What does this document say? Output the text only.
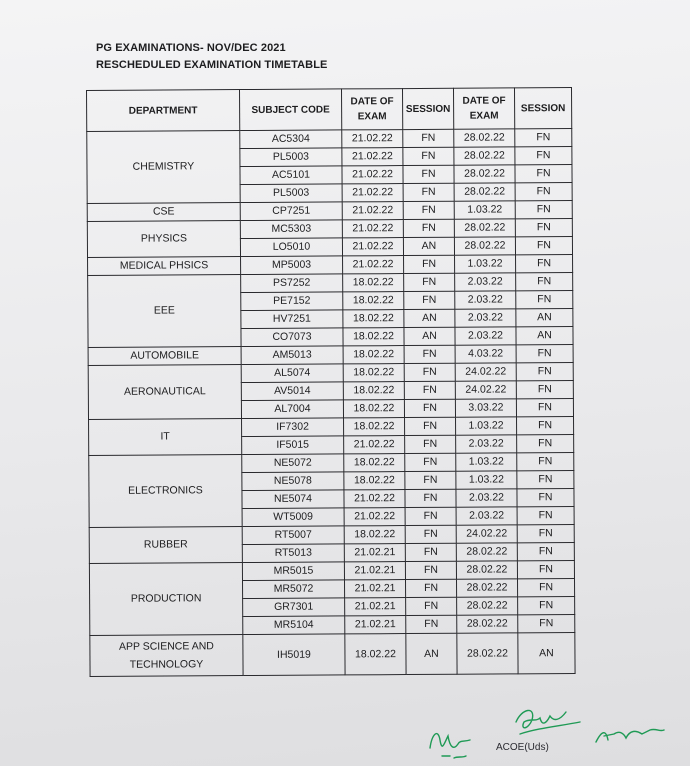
PG EXAMINATIONS- NOV/DEC 2021
RESCHEDULED EXAMINATION TIMETABLE
DEPARTMENT	SUBJECT CODE	DATE OF EXAM	SESSION	DATE OF EXAM	SESSION
CHEMISTRY	AC5304	21.02.22	FN	28.02.22	FN
	PL5003	21.02.22	FN	28.02.22	FN
	AC5101	21.02.22	FN	28.02.22	FN
	PL5003	21.02.22	FN	28.02.22	FN
CSE	CP7251	21.02.22	FN	1.03.22	FN
PHYSICS	MC5303	21.02.22	FN	28.02.22	FN
	LO5010	21.02.22	AN	28.02.22	FN
MEDICAL PHSICS	MP5003	21.02.22	FN	1.03.22	FN
EEE	PS7252	18.02.22	FN	2.03.22	FN
	PE7152	18.02.22	FN	2.03.22	FN
	HV7251	18.02.22	AN	2.03.22	AN
	CO7073	18.02.22	AN	2.03.22	AN
AUTOMOBILE	AM5013	18.02.22	FN	4.03.22	FN
AERONAUTICAL	AL5074	18.02.22	FN	24.02.22	FN
	AV5014	18.02.22	FN	24.02.22	FN
	AL7004	18.02.22	FN	3.03.22	FN
IT	IF7302	18.02.22	FN	1.03.22	FN
	IF5015	21.02.22	FN	2.03.22	FN
ELECTRONICS	NE5072	18.02.22	FN	1.03.22	FN
	NE5078	18.02.22	FN	1.03.22	FN
	NE5074	21.02.22	FN	2.03.22	FN
	WT5009	21.02.22	FN	2.03.22	FN
RUBBER	RT5007	18.02.22	FN	24.02.22	FN
	RT5013	21.02.21	FN	28.02.22	FN
PRODUCTION	MR5015	21.02.21	FN	28.02.22	FN
	MR5072	21.02.21	FN	28.02.22	FN
	GR7301	21.02.21	FN	28.02.22	FN
	MR5104	21.02.21	FN	28.02.22	FN
APP SCIENCE AND TECHNOLOGY	IH5019	18.02.22	AN	28.02.22	AN
ACOE(Uds)
